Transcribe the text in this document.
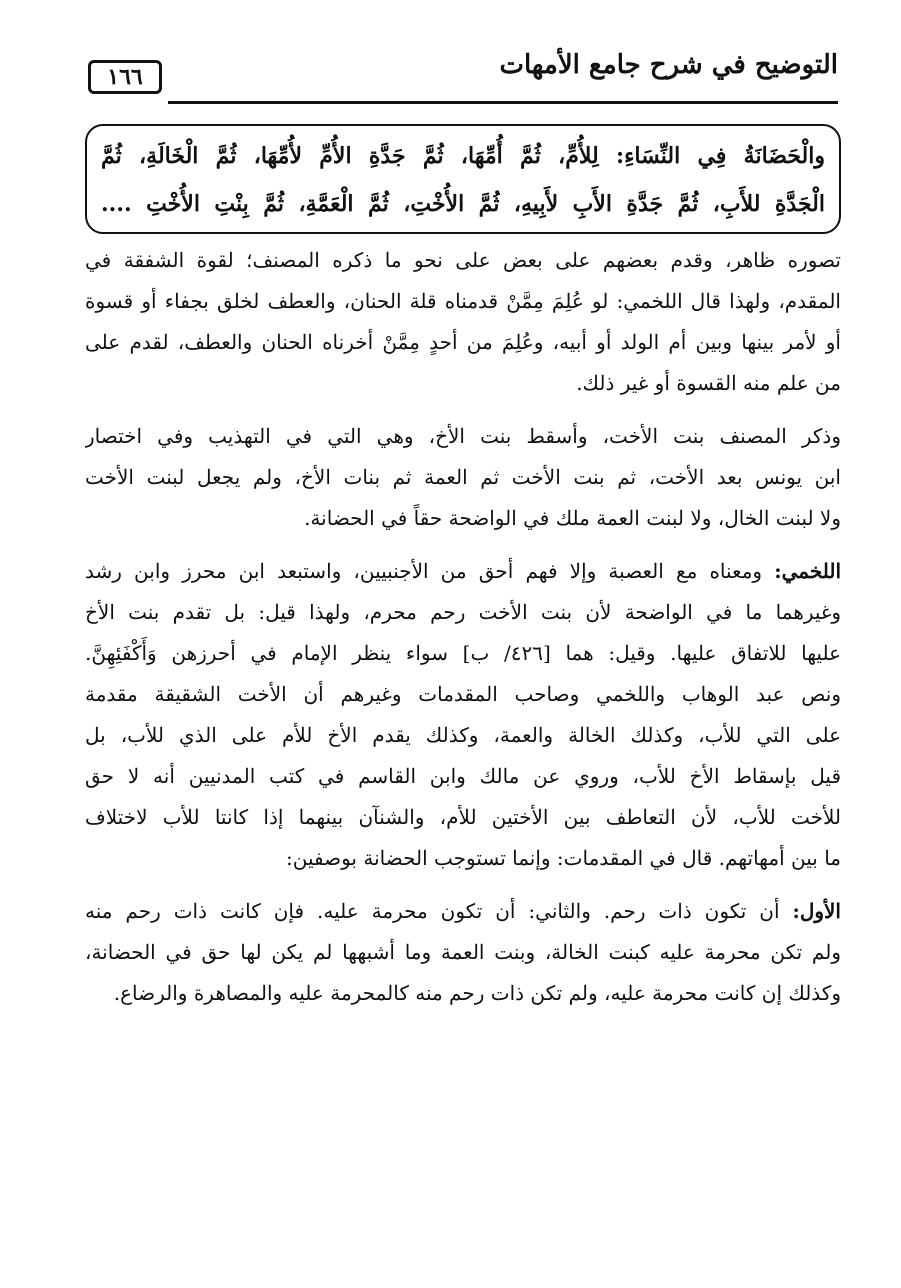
التوضيح في شرح جامع الأمهات
١٦٦
والْحَضَانَةُ فِي النِّسَاءِ: لِلأُمِّ، ثُمَّ أُمِّهَا، ثُمَّ جَدَّةِ الأُمِّ لأُمِّهَا، ثُمَّ الْخَالَةِ، ثُمَّ
الْجَدَّةِ للأَبِ، ثُمَّ جَدَّةِ الأَبِ لأَبِيهِ، ثُمَّ الأُخْتِ، ثُمَّ الْعَمَّةِ، ثُمَّ بِنْتِ الأُخْتِ ....
تصوره ظاهر، وقدم بعضهم على بعض على نحو ما ذكره المصنف؛ لقوة الشفقة في
المقدم، ولهذا قال اللخمي: لو عُلِمَ مِمَّنْ قدمناه قلة الحنان، والعطف لخلق بجفاء أو قسوة
أو لأمر بينها وبين أم الولد أو أبيه، وعُلِمَ من أحدٍ مِمَّنْ أخرناه الحنان والعطف، لقدم على
من علم منه القسوة أو غير ذلك.
وذكر المصنف بنت الأخت، وأسقط بنت الأخ، وهي التي في التهذيب وفي اختصار
ابن يونس بعد الأخت، ثم بنت الأخت ثم العمة ثم بنات الأخ، ولم يجعل لبنت الأخت
ولا لبنت الخال، ولا لبنت العمة ملك في الواضحة حقاً في الحضانة.
اللخمي: ومعناه مع العصبة وإلا فهم أحق من الأجنبيين، واستبعد ابن محرز وابن رشد
وغيرهما ما في الواضحة لأن بنت الأخت رحم محرم، ولهذا قيل: بل تقدم بنت الأخ
عليها للاتفاق عليها. وقيل: هما [٤٢٦/ ب] سواء ينظر الإمام في أحرزهن وَأَكْفَئِهِنَّ.
ونص عبد الوهاب واللخمي وصاحب المقدمات وغيرهم أن الأخت الشقيقة مقدمة
على التي للأب، وكذلك الخالة والعمة، وكذلك يقدم الأخ للأم على الذي للأب، بل
قيل بإسقاط الأخ للأب، وروي عن مالك وابن القاسم في كتب المدنيين أنه لا حق
للأخت للأب، لأن التعاطف بين الأختين للأم، والشنآن بينهما إذا كانتا للأب لاختلاف
ما بين أمهاتهم. قال في المقدمات: وإنما تستوجب الحضانة بوصفين:
الأول: أن تكون ذات رحم. والثاني: أن تكون محرمة عليه. فإن كانت ذات رحم منه
ولم تكن محرمة عليه كبنت الخالة، وبنت العمة وما أشبهها لم يكن لها حق في الحضانة،
وكذلك إن كانت محرمة عليه، ولم تكن ذات رحم منه كالمحرمة عليه والمصاهرة والرضاع.
